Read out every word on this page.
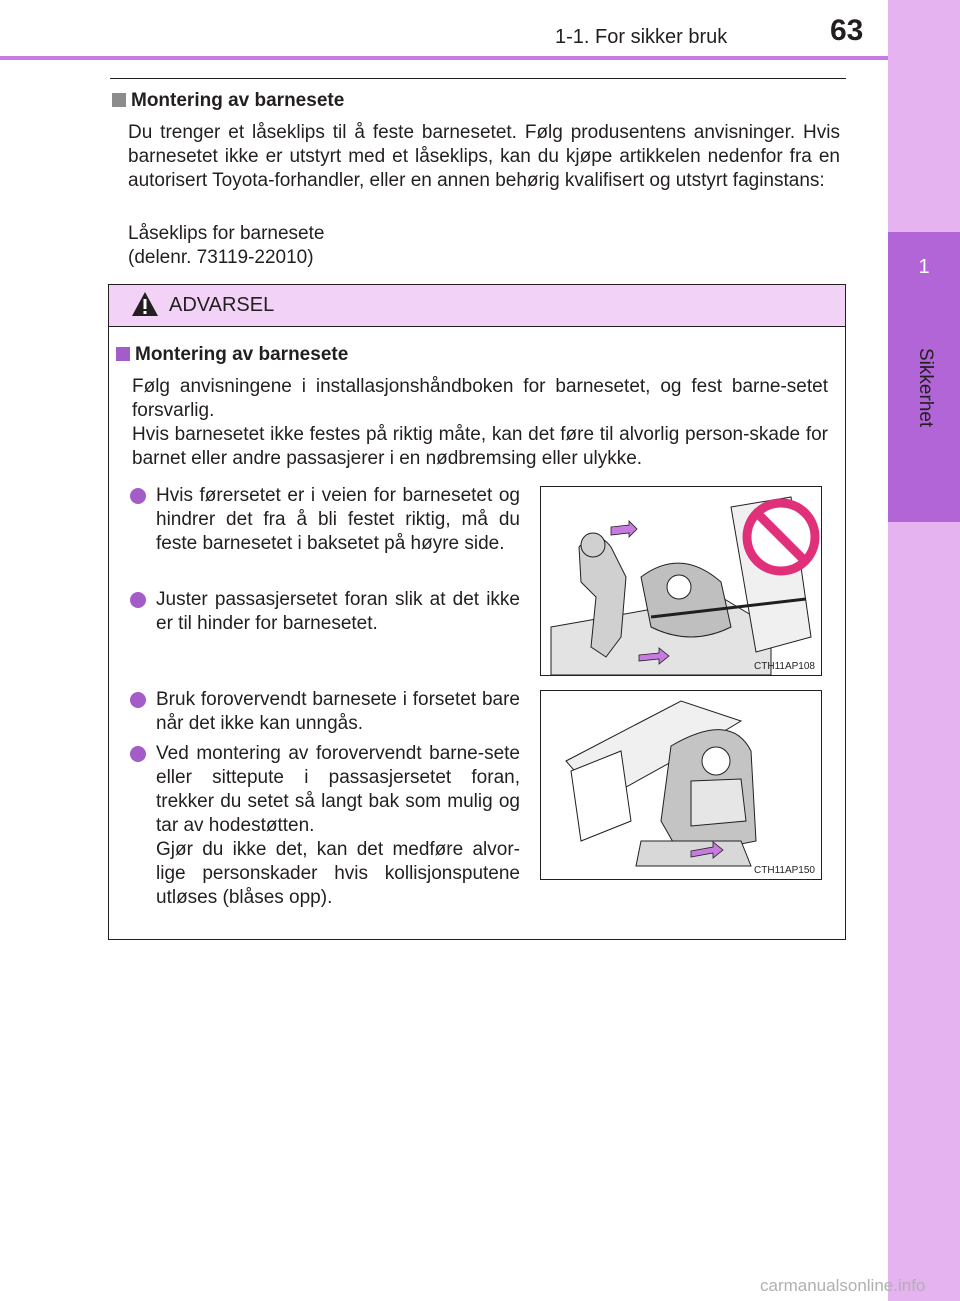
1-1. For sikker bruk	63
1
Sikkerhet
Montering av barnesete
Du trenger et låseklips til å feste barnesetet. Følg produsentens anvisninger. Hvis barnesetet ikke er utstyrt med et låseklips, kan du kjøpe artikkelen nedenfor fra en autorisert Toyota-forhandler, eller en annen behørig kvalifisert og utstyrt faginstans:
Låseklips for barnesete
(delenr. 73119-22010)
ADVARSEL
Montering av barnesete
Følg anvisningene i installasjonshåndboken for barnesetet, og fest barne-setet forsvarlig.
Hvis barnesetet ikke festes på riktig måte, kan det føre til alvorlig person-skade for barnet eller andre passasjerer i en nødbremsing eller ulykke.
Hvis førersetet er i veien for barnesetet og hindrer det fra å bli festet riktig, må du feste barnesetet i baksetet på høyre side.
Juster passasjersetet foran slik at det ikke er til hinder for barnesetet.
Bruk forovervendt barnesete i forsetet bare når det ikke kan unngås.
Ved montering av forovervendt barne-sete eller sittepute i passasjersetet foran, trekker du setet så langt bak som mulig og tar av hodestøtten.
Gjør du ikke det, kan det medføre alvor-lige personskader hvis kollisjonsputene utløses (blåses opp).
CTH11AP108
CTH11AP150
carmanualsonline.info
